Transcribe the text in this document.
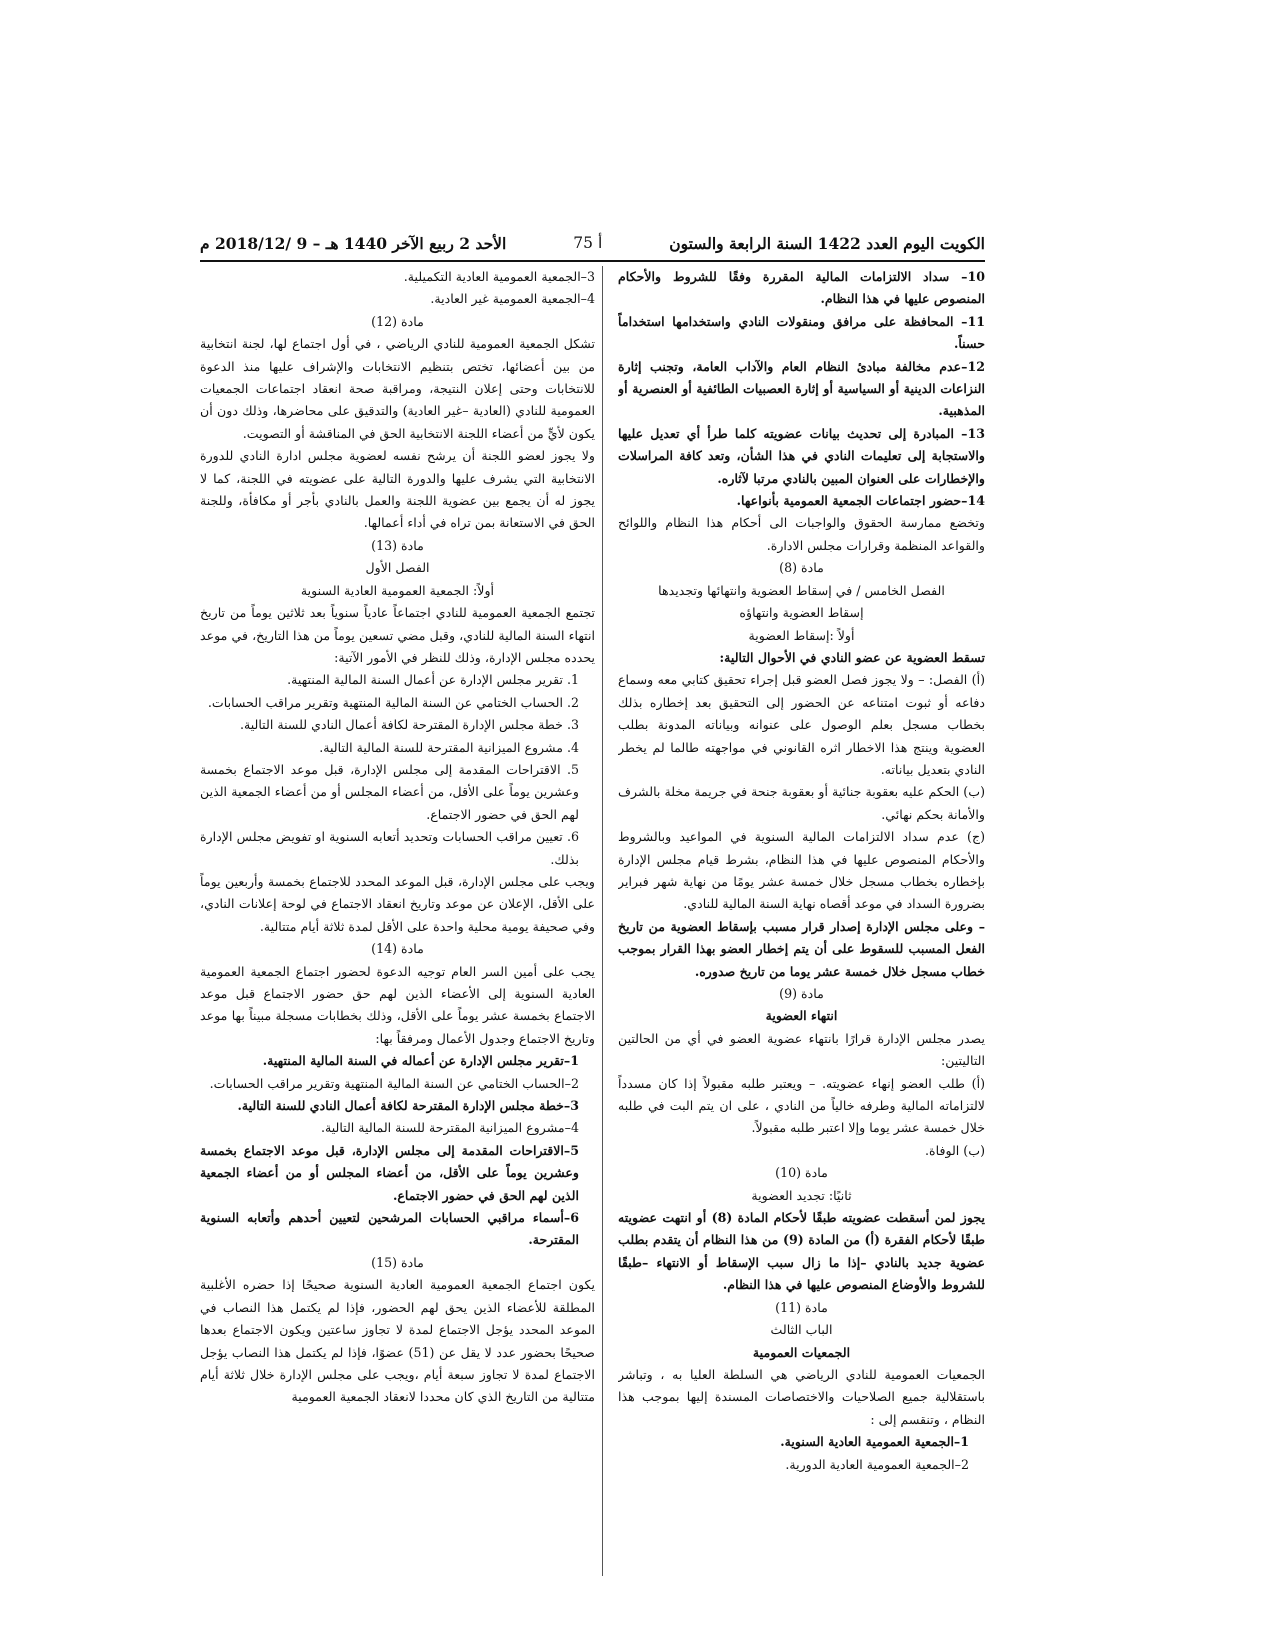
الكويت اليوم العدد 1422 السنة الرابعة والستون
أ 75
الأحد 2 ربيع الآخر 1440 هـ – 9 /2018/12 م

10– سداد الالتزامات المالية المقررة وفقًا للشروط والأحكام المنصوص عليها في هذا النظام.

11– المحافظة على مرافق ومنقولات النادي واستخدامها استخداماً حسناً.

12–عدم مخالفة مبادئ النظام العام والآداب العامة، وتجنب إثارة النزاعات الدينية أو السياسية أو إثارة العصبيات الطائفية أو العنصرية أو المذهبية.

13– المبادرة إلى تحديث بيانات عضويته كلما طرأ أي تعديل عليها والاستجابة إلى تعليمات النادي في هذا الشأن، وتعد كافة المراسلات والإخطارات على العنوان المبين بالنادي مرتبا لآثاره.

14–حضور اجتماعات الجمعية العمومية بأنواعها.

وتخضع ممارسة الحقوق والواجبات الى أحكام هذا النظام واللوائح والقواعد المنظمة وقرارات مجلس الادارة.

مادة (8)

الفصل الخامس / في إسقاط العضوية وانتهائها وتجديدها

إسقاط العضوية وانتهاؤه

أولاً :إسقاط العضوية

تسقط العضوية عن عضو النادي في الأحوال التالية:

(أ) الفصل: – ولا يجوز فصل العضو قبل إجراء تحقيق كتابي معه وسماع دفاعه أو ثبوت امتناعه عن الحضور إلى التحقيق بعد إخطاره بذلك بخطاب مسجل بعلم الوصول على عنوانه وبياناته المدونة بطلب العضوية وينتج هذا الاخطار اثره القانوني في مواجهته طالما لم يخطر النادي بتعديل بياناته.

(ب) الحكم عليه بعقوبة جنائية أو بعقوبة جنحة في جريمة مخلة بالشرف والأمانة بحكم نهائي.

(ج) عدم سداد الالتزامات المالية السنوية في المواعيد وبالشروط والأحكام المنصوص عليها في هذا النظام، بشرط قيام مجلس الإدارة بإخطاره بخطاب مسجل خلال خمسة عشر يومًا من نهاية شهر فبراير بضرورة السداد في موعد أقصاه نهاية السنة المالية للنادي.

– وعلى مجلس الإدارة إصدار قرار مسبب بإسقاط العضوية من تاريخ الفعل المسبب للسقوط على أن يتم إخطار العضو بهذا القرار بموجب خطاب مسجل خلال خمسة عشر يوما من تاريخ صدوره.

مادة (9)

انتهاء العضوية

يصدر مجلس الإدارة قرارًا بانتهاء عضوية العضو في أي من الحالتين التاليتين:

(أ) طلب العضو إنهاء عضويته. – ويعتبر طلبه مقبولاً إذا كان مسدداً لالتزاماته المالية وطرفه خالياً من النادي ، على ان يتم البت في طلبه خلال خمسة عشر يوما وإلا اعتبر طلبه مقبولاً.

(ب) الوفاة.

مادة (10)

ثانيًا: تجديد العضوية

يجوز لمن أسقطت عضويته طبقًا لأحكام المادة (8) أو انتهت عضويته طبقًا لأحكام الفقرة (أ) من المادة (9) من هذا النظام أن يتقدم بطلب عضوية جديد بالنادي –إذا ما زال سبب الإسقاط أو الانتهاء –طبقًا للشروط والأوضاع المنصوص عليها في هذا النظام.

مادة (11)

الباب الثالث

الجمعيات العمومية

الجمعيات العمومية للنادي الرياضي هي السلطة العليا به ، وتباشر باستقلالية جميع الصلاحيات والاختصاصات المسندة إليها بموجب هذا النظام ، وتنقسم إلى :

1–الجمعية العمومية العادية السنوية.

2–الجمعية العمومية العادية الدورية.

3–الجمعية العمومية العادية التكميلية.

4–الجمعية العمومية غير العادية.

مادة (12)

تشكل الجمعية العمومية للنادي الرياضي ، في أول اجتماع لها، لجنة انتخابية من بين أعضائها، تختص بتنظيم الانتخابات والإشراف عليها منذ الدعوة للانتخابات وحتى إعلان النتيجة، ومراقبة صحة انعقاد اجتماعات الجمعيات العمومية للنادي (العادية –غير العادية) والتدقيق على محاضرها، وذلك دون أن يكون لأيٍّ من أعضاء اللجنة الانتخابية الحق في المناقشة أو التصويت.

ولا يجوز لعضو اللجنة أن يرشح نفسه لعضوية مجلس ادارة النادي للدورة الانتخابية التي يشرف عليها والدورة التالية على عضويته في اللجنة، كما لا يجوز له أن يجمع بين عضوية اللجنة والعمل بالنادي بأجر أو مكافأة، وللجنة الحق في الاستعانة بمن تراه في أداء أعمالها.

مادة (13)

الفصل الأول

أولاً: الجمعية العمومية العادية السنوية

تجتمع الجمعية العمومية للنادي اجتماعاً عادياً سنوياً بعد ثلاثين يوماً من تاريخ انتهاء السنة المالية للنادي، وقبل مضي تسعين يوماً من هذا التاريخ، في موعد يحدده مجلس الإدارة، وذلك للنظر في الأمور الآتية:

1. تقرير مجلس الإدارة عن أعمال السنة المالية المنتهية.

2. الحساب الختامي عن السنة المالية المنتهية وتقرير مراقب الحسابات.

3. خطة مجلس الإدارة المقترحة لكافة أعمال النادي للسنة التالية.

4. مشروع الميزانية المقترحة للسنة المالية التالية.

5. الاقتراحات المقدمة إلى مجلس الإدارة، قبل موعد الاجتماع بخمسة وعشرين يوماً على الأقل، من أعضاء المجلس أو من أعضاء الجمعية الذين لهم الحق في حضور الاجتماع.

6. تعيين مراقب الحسابات وتحديد أتعابه السنوية او تفويض مجلس الإدارة بذلك.

ويجب على مجلس الإدارة، قبل الموعد المحدد للاجتماع بخمسة وأربعين يوماً على الأقل، الإعلان عن موعد وتاريخ انعقاد الاجتماع في لوحة إعلانات النادي، وفي صحيفة يومية محلية واحدة على الأقل لمدة ثلاثة أيام متتالية.

مادة (14)

يجب على أمين السر العام توجيه الدعوة لحضور اجتماع الجمعية العمومية العادية السنوية إلى الأعضاء الذين لهم حق حضور الاجتماع قبل موعد الاجتماع بخمسة عشر يوماً على الأقل، وذلك بخطابات مسجلة مبيناً بها موعد وتاريخ الاجتماع وجدول الأعمال ومرفقاً بها:

1–تقرير مجلس الإدارة عن أعماله في السنة المالية المنتهية.

2–الحساب الختامي عن السنة المالية المنتهية وتقرير مراقب الحسابات.

3–خطة مجلس الإدارة المقترحة لكافة أعمال النادي للسنة التالية.

4–مشروع الميزانية المقترحة للسنة المالية التالية.

5–الاقتراحات المقدمة إلى مجلس الإدارة، قبل موعد الاجتماع بخمسة وعشرين يوماً على الأقل، من أعضاء المجلس أو من أعضاء الجمعية الذين لهم الحق في حضور الاجتماع.

6–أسماء مراقبي الحسابات المرشحين لتعيين أحدهم وأتعابه السنوية المقترحة.

مادة (15)

يكون اجتماع الجمعية العمومية العادية السنوية صحيحًا إذا حضره الأغلبية المطلقة للأعضاء الذين يحق لهم الحضور، فإذا لم يكتمل هذا النصاب في الموعد المحدد يؤجل الاجتماع لمدة لا تجاوز ساعتين ويكون الاجتماع بعدها صحيحًا بحضور عدد لا يقل عن (51) عضوًا، فإذا لم يكتمل هذا النصاب يؤجل الاجتماع لمدة لا تجاوز سبعة أيام ،ويجب على مجلس الإدارة خلال ثلاثة أيام متتالية من التاريخ الذي كان محددا لانعقاد الجمعية العمومية
